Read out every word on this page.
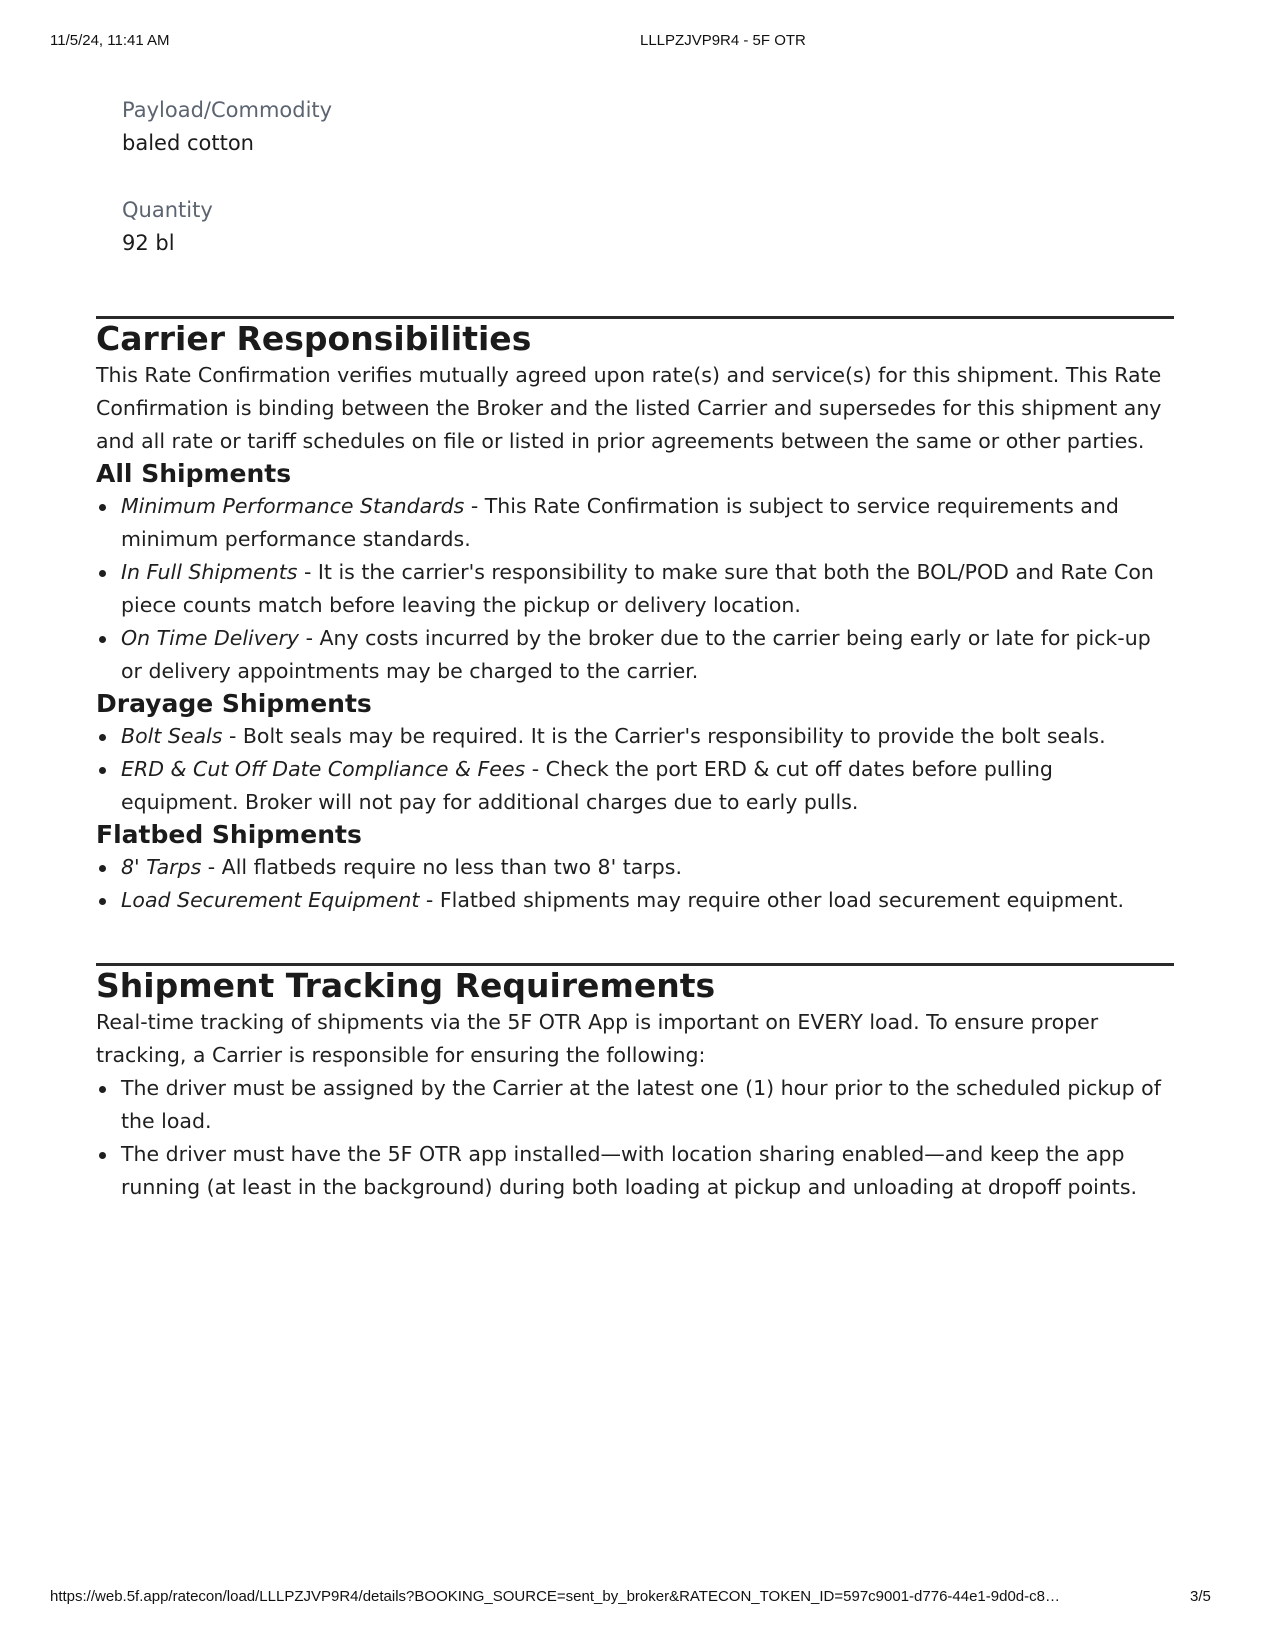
11/5/24, 11:41 AM	LLLPZJVP9R4 - 5F OTR
Payload/Commodity
baled cotton
Quantity
92 bl
Carrier Responsibilities

This Rate Confirmation verifies mutually agreed upon rate(s) and service(s) for this shipment. This Rate Confirmation is binding between the Broker and the listed Carrier and supersedes for this shipment any and all rate or tariff schedules on file or listed in prior agreements between the same or other parties.

All Shipments
Minimum Performance Standards - This Rate Confirmation is subject to service requirements and minimum performance standards.
In Full Shipments - It is the carrier's responsibility to make sure that both the BOL/POD and Rate Con piece counts match before leaving the pickup or delivery location.
On Time Delivery - Any costs incurred by the broker due to the carrier being early or late for pick-up or delivery appointments may be charged to the carrier.
Drayage Shipments
Bolt Seals - Bolt seals may be required. It is the Carrier's responsibility to provide the bolt seals.
ERD & Cut Off Date Compliance & Fees - Check the port ERD & cut off dates before pulling equipment. Broker will not pay for additional charges due to early pulls.
Flatbed Shipments
8' Tarps - All flatbeds require no less than two 8' tarps.
Load Securement Equipment - Flatbed shipments may require other load securement equipment.
Shipment Tracking Requirements

Real-time tracking of shipments via the 5F OTR App is important on EVERY load. To ensure proper tracking, a Carrier is responsible for ensuring the following:

The driver must be assigned by the Carrier at the latest one (1) hour prior to the scheduled pickup of the load.
The driver must have the 5F OTR app installed—with location sharing enabled—and keep the app running (at least in the background) during both loading at pickup and unloading at dropoff points.
https://web.5f.app/ratecon/load/LLLPZJVP9R4/details?BOOKING_SOURCE=sent_by_broker&RATECON_TOKEN_ID=597c9001-d776-44e1-9d0d-c8…	3/5
